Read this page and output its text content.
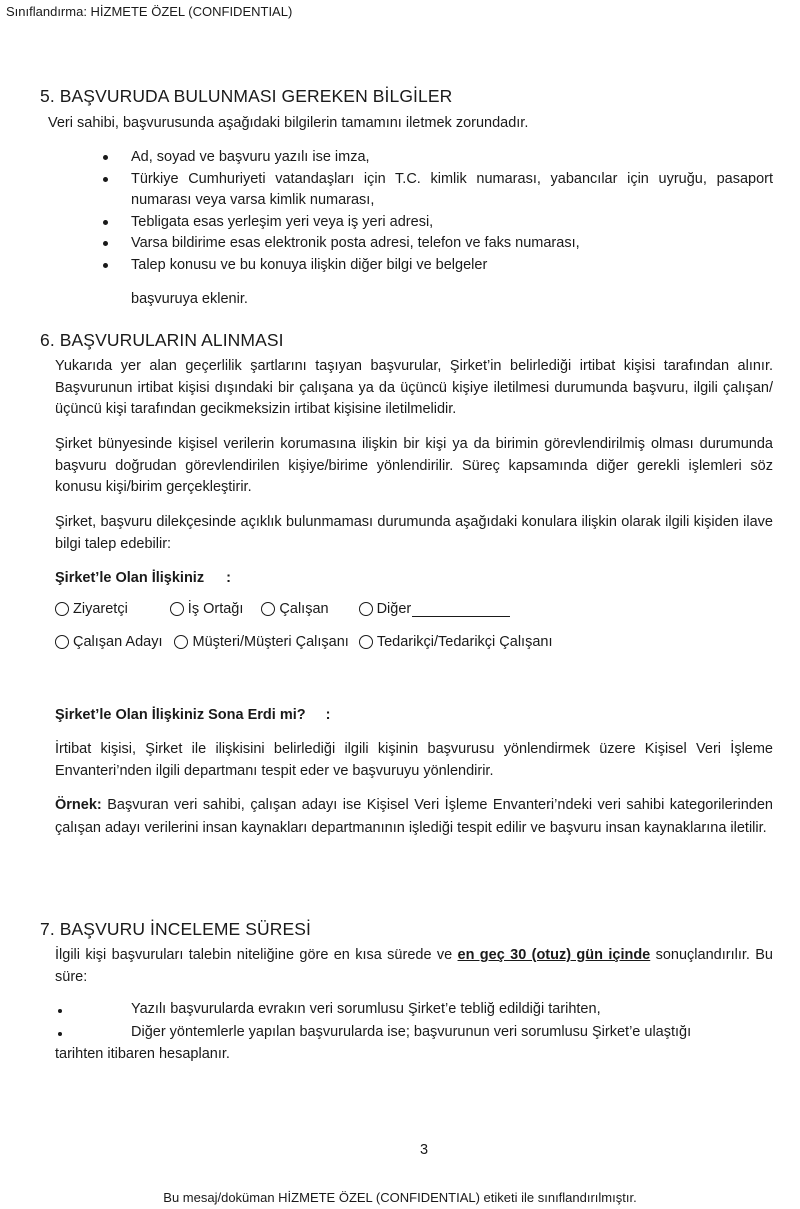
Sınıflandırma: HİZMETE ÖZEL (CONFIDENTIAL)
5. BAŞVURUDA BULUNMASI GEREKEN BİLGİLER
Veri sahibi, başvurusunda aşağıdaki bilgilerin tamamını iletmek zorundadır.
Ad, soyad ve başvuru yazılı ise imza,
Türkiye Cumhuriyeti vatandaşları için T.C. kimlik numarası, yabancılar için uyruğu, pasaport numarası veya varsa kimlik numarası,
Tebligata esas yerleşim yeri veya iş yeri adresi,
Varsa bildirime esas elektronik posta adresi, telefon ve faks numarası,
Talep konusu ve bu konuya ilişkin diğer bilgi ve belgeler
başvuruya eklenir.
6. BAŞVURULARIN ALINMASI
Yukarıda yer alan geçerlilik şartlarını taşıyan başvurular, Şirket’in belirlediği irtibat kişisi tarafından alınır. Başvurunun irtibat kişisi dışındaki bir çalışana ya da üçüncü kişiye iletilmesi durumunda başvuru, ilgili çalışan/üçüncü kişi tarafından gecikmeksizin irtibat kişisine iletilmelidir.
Şirket bünyesinde kişisel verilerin korumasına ilişkin bir kişi ya da birimin görevlendirilmiş olması durumunda başvuru doğrudan görevlendirilen kişiye/birime yönlendirilir. Süreç kapsamında diğer gerekli işlemleri söz konusu kişi/birim gerçekleştirir.
Şirket, başvuru dilekçesinde açıklık bulunmaması durumunda aşağıdaki konulara ilişkin olarak ilgili kişiden ilave bilgi talep edebilir:
Şirket’le Olan İlişkiniz :
Ziyaretçi	İş Ortağı Çalışan	Diğer
Çalışan Adayı Müşteri/Müşteri Çalışanı Tedarikçi/Tedarikçi Çalışanı
Şirket’le Olan İlişkiniz Sona Erdi mi? :
İrtibat kişisi, Şirket ile ilişkisini belirlediği ilgili kişinin başvurusu yönlendirmek üzere Kişisel Veri İşleme Envanteri’nden ilgili departmanı tespit eder ve başvuruyu yönlendirir.
Örnek: Başvuran veri sahibi, çalışan adayı ise Kişisel Veri İşleme Envanteri’ndeki veri sahibi kategorilerinden çalışan adayı verilerini insan kaynakları departmanının işlediği tespit edilir ve başvuru insan kaynaklarına iletilir.
7. BAŞVURU İNCELEME SÜRESİ
İlgili kişi başvuruları talebin niteliğine göre en kısa sürede ve en geç 30 (otuz) gün içinde sonuçlandırılır. Bu süre:
Yazılı başvurularda evrakın veri sorumlusu Şirket’e tebliğ edildiği tarihten,
Diğer yöntemlerle yapılan başvurularda ise; başvurunun veri sorumlusu Şirket’e ulaştığı
tarihten itibaren hesaplanır.
3
Bu mesaj/doküman HİZMETE ÖZEL (CONFIDENTIAL) etiketi ile sınıflandırılmıştır.
